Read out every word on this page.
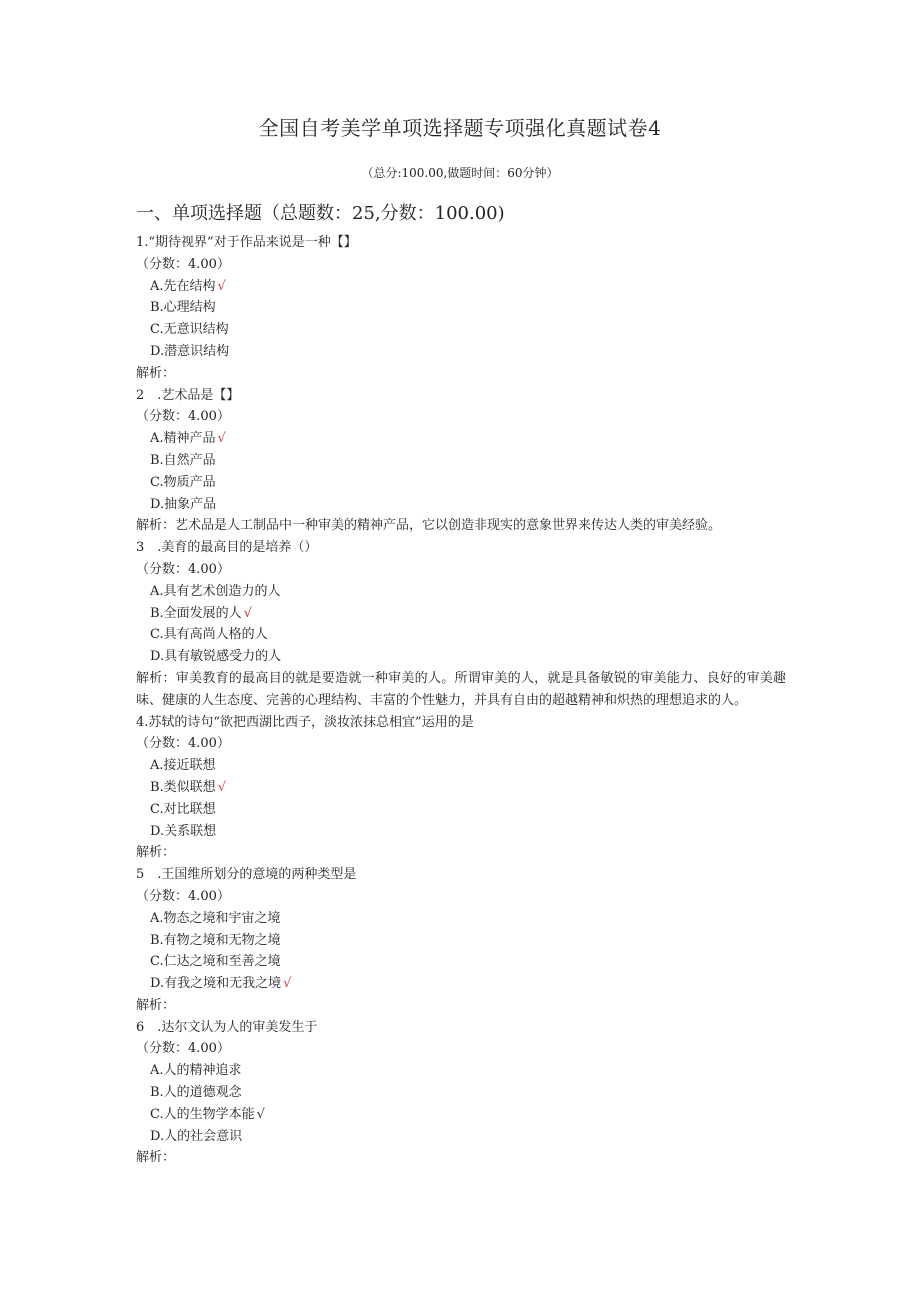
全国自考美学单项选择题专项强化真题试卷4
（总分:100.00,做题时间：60分钟）
一、单项选择题（总题数：25,分数：100.00)
1.“期待视界”对于作品来说是一种【】
（分数：4.00）
A.先在结构 √
B.心理结构
C.无意识结构
D.潜意识结构
解析：
2　.艺术品是【】
（分数：4.00）
A.精神产品 √
B.自然产品
C.物质产品
D.抽象产品
解析：艺术品是人工制品中一种审美的精神产品，它以创造非现实的意象世界来传达人类的审美经验。
3　.美育的最高目的是培养（）
（分数：4.00）
A.具有艺术创造力的人
B.全面发展的人 √
C.具有高尚人格的人
D.具有敏锐感受力的人
解析：审美教育的最高目的就是要造就一种审美的人。所谓审美的人，就是具备敏锐的审美能力、良好的审美趣味、健康的人生态度、完善的心理结构、丰富的个性魅力，并具有自由的超越精神和炽热的理想追求的人。
4.苏轼的诗句“欲把西湖比西子，淡妆浓抹总相宜”运用的是
（分数：4.00）
A.接近联想
B.类似联想 √
C.对比联想
D.关系联想
解析：
5　.王国维所划分的意境的两种类型是
（分数：4.00）
A.物态之境和宇宙之境
B.有物之境和无物之境
C.仁达之境和至善之境
D.有我之境和无我之境 √
解析：
6　.达尔文认为人的审美发生于
（分数：4.00）
A.人的精神追求
B.人的道德观念
C.人的生物学本能 √
D.人的社会意识
解析：
